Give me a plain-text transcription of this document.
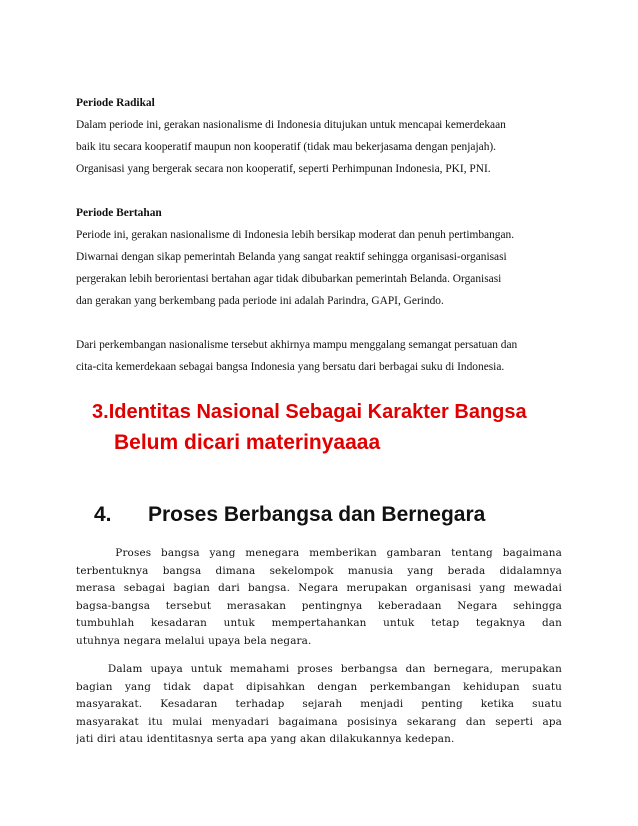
Periode Radikal
Dalam periode ini, gerakan nasionalisme di Indonesia ditujukan untuk mencapai kemerdekaan
baik itu secara kooperatif maupun non kooperatif (tidak mau bekerjasama dengan penjajah).
Organisasi yang bergerak secara non kooperatif, seperti Perhimpunan Indonesia, PKI, PNI.
Periode Bertahan
Periode ini, gerakan nasionalisme di Indonesia lebih bersikap moderat dan penuh pertimbangan.
Diwarnai dengan sikap pemerintah Belanda yang sangat reaktif sehingga organisasi-organisasi
pergerakan lebih berorientasi bertahan agar tidak dibubarkan pemerintah Belanda. Organisasi
dan gerakan yang berkembang pada periode ini adalah Parindra, GAPI, Gerindo.
Dari perkembangan nasionalisme tersebut akhirnya mampu menggalang semangat persatuan dan
cita-cita kemerdekaan sebagai bangsa Indonesia yang bersatu dari berbagai suku di Indonesia.
3.Identitas Nasional Sebagai Karakter Bangsa
Belum dicari materinyaaaa
4. Proses Berbangsa dan Bernegara
Proses bangsa yang menegara memberikan gambaran tentang bagaimana
terbentuknya bangsa dimana sekelompok manusia yang berada didalamnya
merasa sebagai bagian dari bangsa. Negara merupakan organisasi yang mewadai
bagsa-bangsa tersebut merasakan pentingnya keberadaan Negara sehingga
tumbuhlah kesadaran untuk mempertahankan untuk tetap tegaknya dan
utuhnya negara melalui upaya bela negara.
Dalam upaya untuk memahami proses berbangsa dan bernegara, merupakan
bagian yang tidak dapat dipisahkan dengan perkembangan kehidupan suatu
masyarakat. Kesadaran terhadap sejarah menjadi penting ketika suatu
masyarakat itu mulai menyadari bagaimana posisinya sekarang dan seperti apa
jati diri atau identitasnya serta apa yang akan dilakukannya kedepan.
